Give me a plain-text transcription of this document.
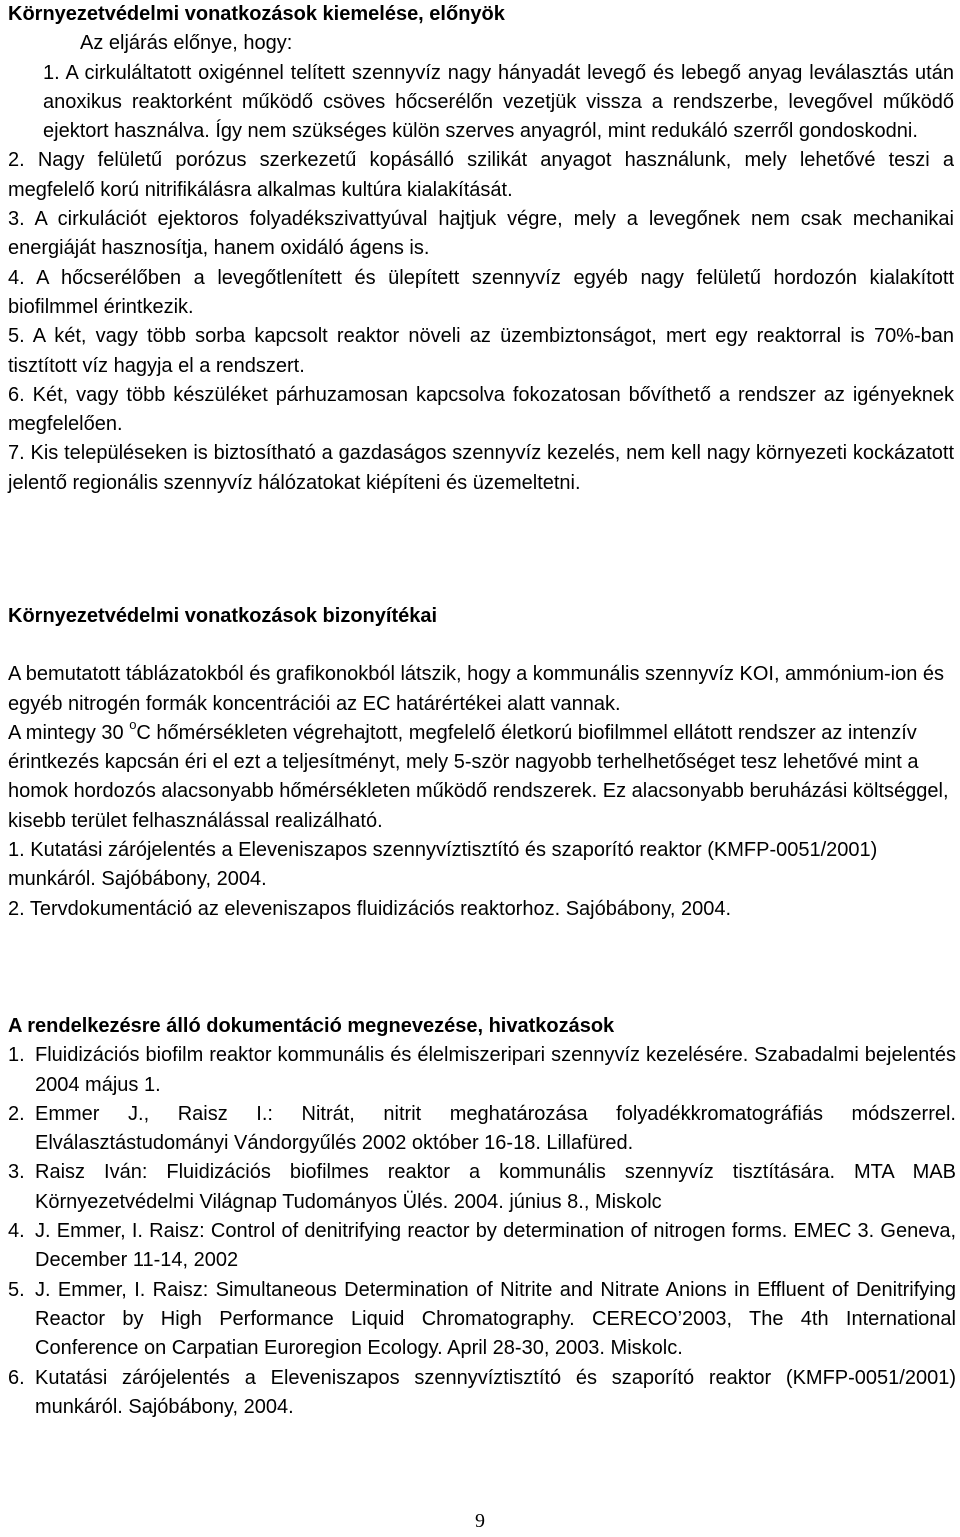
Környezetvédelmi vonatkozások kiemelése, előnyök

Az eljárás előnye, hogy:

1. A cirkuláltatott oxigénnel telített szennyvíz nagy hányadát levegő és lebegő anyag leválasztás után anoxikus reaktorként működő csöves hőcserélőn vezetjük vissza a rendszerbe, levegővel működő ejektort használva. Így nem szükséges külön szerves anyagról, mint redukáló szerről gondoskodni.

2. Nagy felületű porózus szerkezetű kopásálló szilikát anyagot használunk, mely lehetővé teszi a megfelelő korú nitrifikálásra alkalmas kultúra kialakítását.

3. A cirkulációt ejektoros folyadékszivattyúval hajtjuk végre, mely a levegőnek nem csak mechanikai energiáját hasznosítja, hanem oxidáló ágens is.

4. A hőcserélőben a levegőtlenített és ülepített szennyvíz egyéb nagy felületű hordozón kialakított biofilmmel érintkezik.

5. A két, vagy több sorba kapcsolt reaktor növeli az üzembiztonságot, mert egy reaktorral is 70%-ban tisztított víz hagyja el a rendszert.

6. Két, vagy több készüléket párhuzamosan kapcsolva fokozatosan bővíthető a rendszer az igényeknek megfelelően.

7. Kis településeken is biztosítható a gazdaságos szennyvíz kezelés, nem kell nagy környezeti kockázatott jelentő regionális szennyvíz hálózatokat kiépíteni és üzemeltetni.

Környezetvédelmi vonatkozások bizonyítékai

A bemutatott táblázatokból és grafikonokból látszik, hogy a kommunális szennyvíz KOI, ammónium-ion és egyéb nitrogén formák koncentrációi az EC határértékei alatt vannak.

A mintegy 30 $^o$C hőmérsékleten végrehajtott, megfelelő életkorú biofilmmel ellátott rendszer az intenzív érintkezés kapcsán éri el ezt a teljesítményt, mely 5-ször nagyobb terhelhetőséget tesz lehetővé mint a homok hordozós alacsonyabb hőmérsékleten működő rendszerek. Ez alacsonyabb beruházási költséggel, kisebb terület felhasználással realizálható.

1. Kutatási zárójelentés a Eleveniszapos szennyvíztisztító és szaporító reaktor (KMFP-0051/2001) munkáról. Sajóbábony, 2004.

2. Tervdokumentáció az eleveniszapos fluidizációs reaktorhoz. Sajóbábony, 2004.

A rendelkezésre álló dokumentáció megnevezése, hivatkozások

1. Fluidizációs biofilm reaktor kommunális és élelmiszeripari szennyvíz kezelésére. Szabadalmi bejelentés 2004 május 1.
2. Emmer J., Raisz I.: Nitrát, nitrit meghatározása folyadékkromatográfiás módszerrel. Elválasztástudományi Vándorgyűlés 2002 október 16-18. Lillafüred.
3. Raisz Iván: Fluidizációs biofilmes reaktor a kommunális szennyvíz tisztítására. MTA MAB Környezetvédelmi Világnap Tudományos Ülés. 2004. június 8., Miskolc
4. J. Emmer, I. Raisz: Control of denitrifying reactor by determination of nitrogen forms. EMEC 3. Geneva, December 11-14, 2002
5. J. Emmer, I. Raisz: Simultaneous Determination of Nitrite and Nitrate Anions in Effluent of Denitrifying Reactor by High Performance Liquid Chromatography. CERECO’2003, The 4th International Conference on Carpatian Euroregion Ecology. April 28-30, 2003. Miskolc.
6. Kutatási zárójelentés a Eleveniszapos szennyvíztisztító és szaporító reaktor (KMFP-0051/2001) munkáról. Sajóbábony, 2004.
9
